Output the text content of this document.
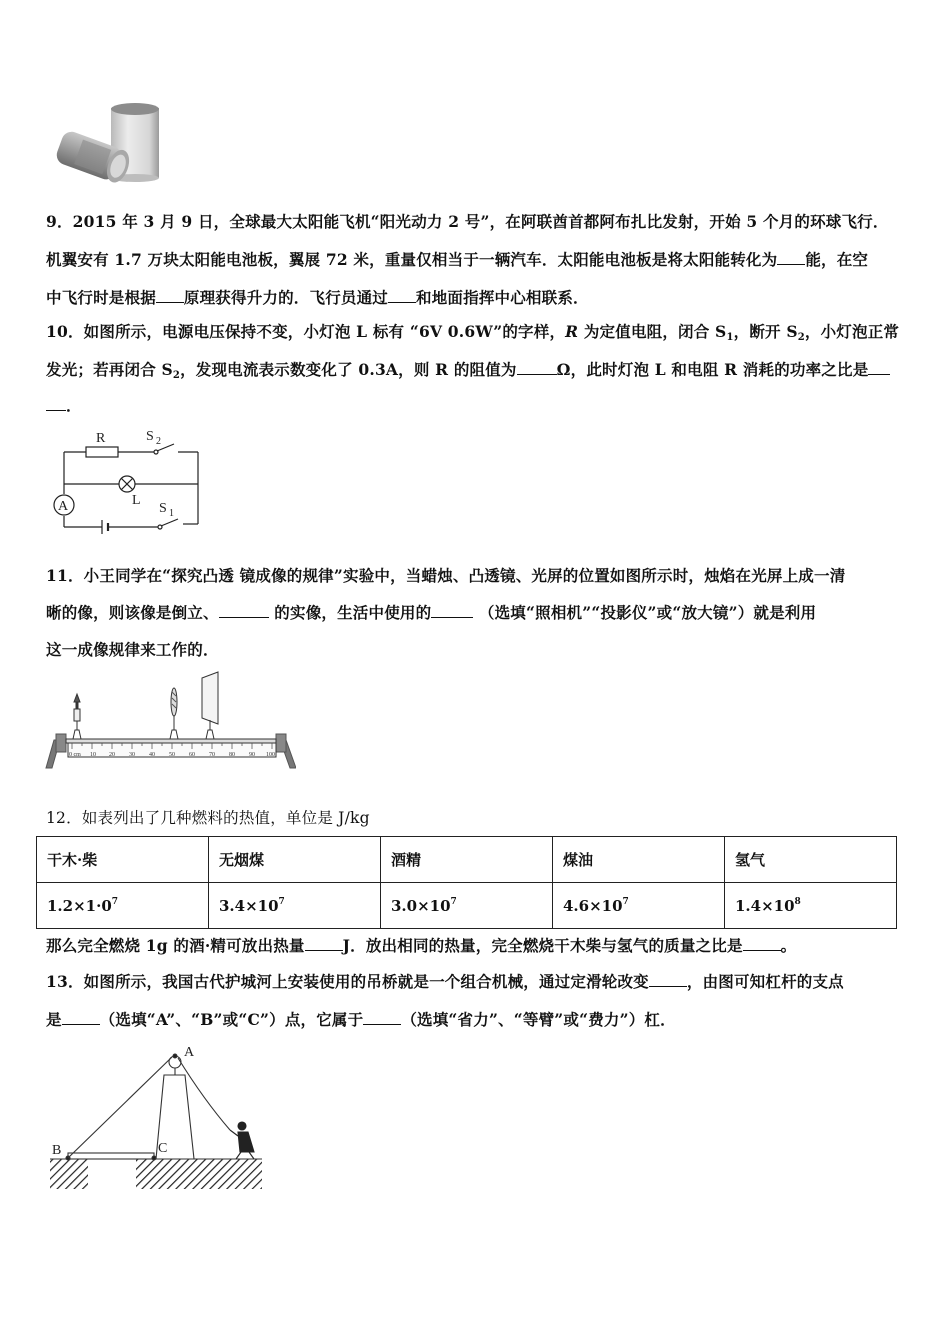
9．2015 年 3 月 9 日，全球最大太阳能飞机“阳光动力 2 号”，在阿联酋首都阿布扎比发射，开始 5 个月的环球飞行．
机翼安有 1.7 万块太阳能电池板，翼展 72 米，重量仅相当于一辆汽车．太阳能电池板是将太阳能转化为 能，在空
中飞行时是根据 原理获得升力的．飞行员通过 和地面指挥中心相联系．
10．如图所示，电源电压保持不变，小灯泡 L 标有 “6V 0.6W”的字样，R 为定值电阻，闭合 $S_1$，断开 $S_2$，小灯泡正常
发光；若再闭合 $S_2$，发现电流表示数变化了 0.3A，则 R 的阻值为	Ω，此时灯泡 L 和电阻 R 消耗的功率之比是
．
R	S 2
L
A	S 1
11．小王同学在“探究凸透 镜成像的规律”实验中，当蜡烛、凸透镜、光屏的位置如图所示时，烛焰在光屏上成一清
晰的像，则该像是倒立、	的实像，生活中使用的	（选填“照相机”“投影仪”或“放大镜”）就是利用
这一成像规律来工作的．
0 cm 10 20 30 40 50 60 70 80 90 100
12．如表列出了几种燃料的热值，单位是 J/kg
干木·柴	无烟煤	酒精	煤油	氢气
$1.2\times 1\cdot 0^7$	$3.4\times 10^7$	$3.0\times 10^7$	$4.6\times 10^7$	$1.4\times 10^8$
那么完全燃烧 1g 的酒·精可放出热量 J．放出相同的热量，完全燃烧干木柴与氢气的质量之比是 。
13．如图所示，我国古代护城河上安装使用的吊桥就是一个组合机械，通过定滑轮改变 ，由图可知杠杆的支点
是 （选填“A”、“B”或“C”）点，它属于 （选填“省力”、“等臂”或“费力”）杠．
A
B	C
